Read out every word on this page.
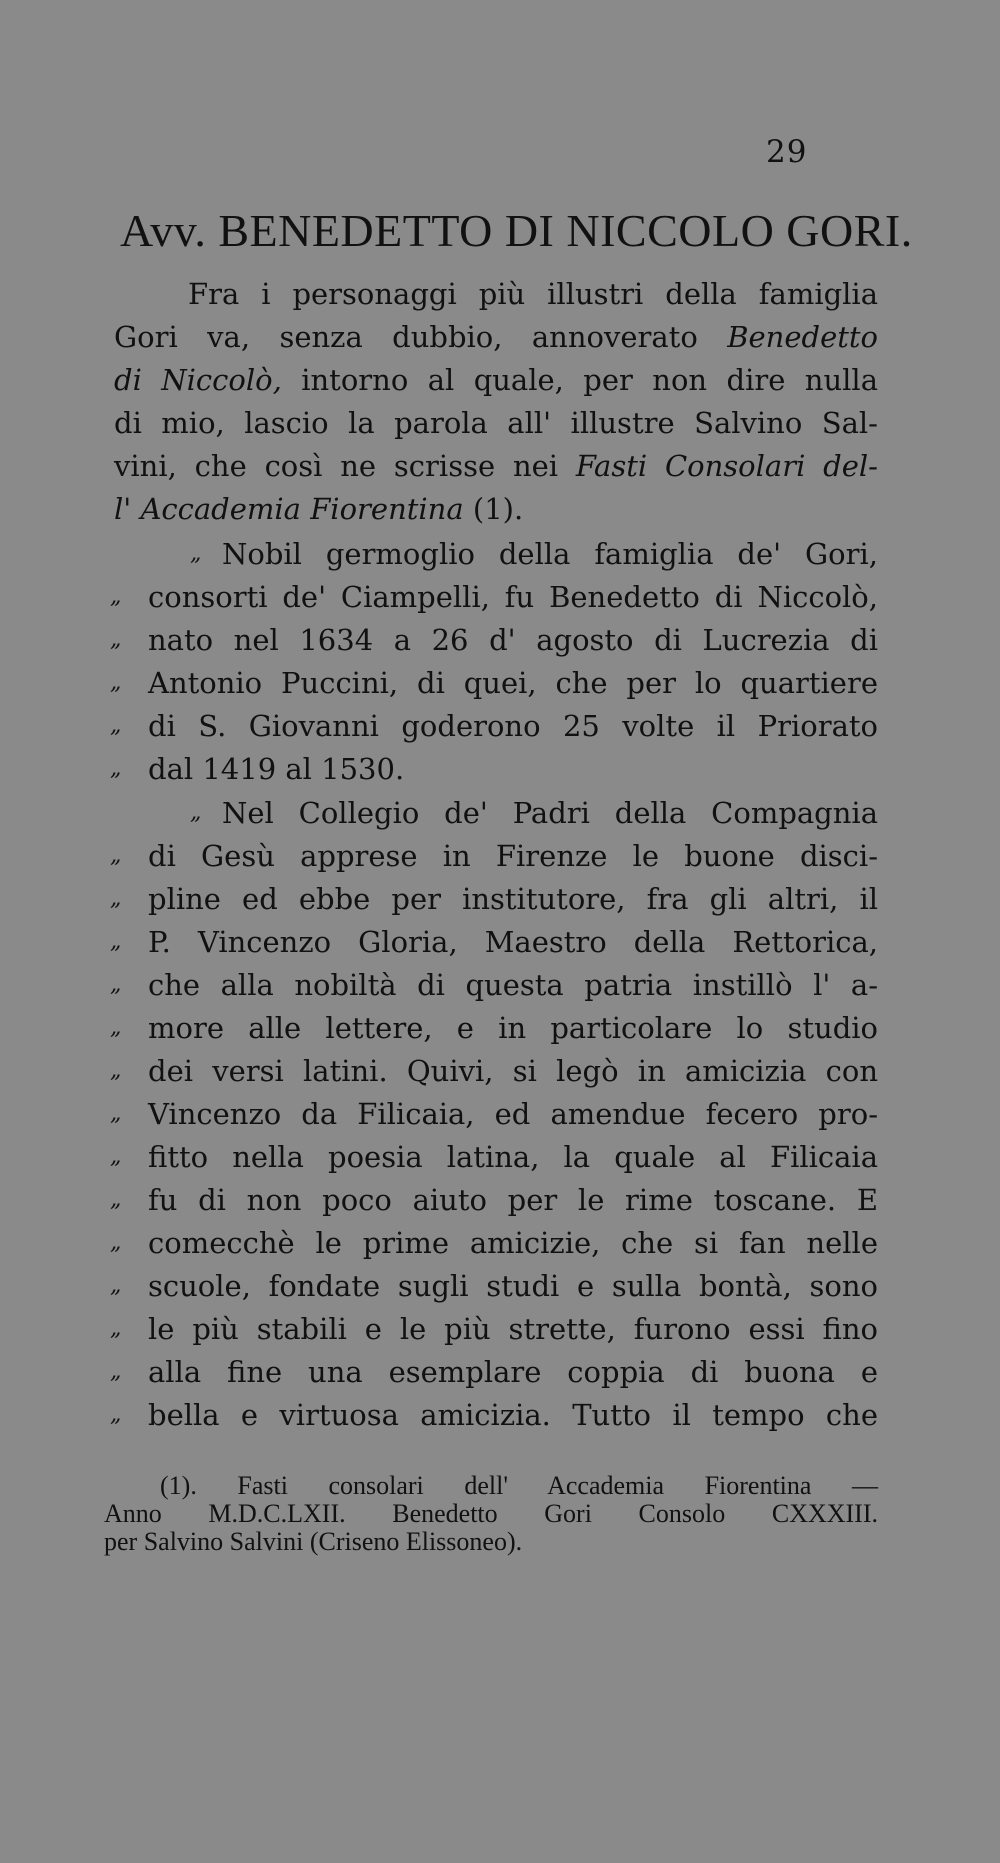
29
Avv. BENEDETTO DI NICCOLO GORI.
Fra i personaggi più illustri della famiglia
Gori va, senza dubbio, annoverato Benedetto
di Niccolò, intorno al quale, per non dire nulla
di mio, lascio la parola all' illustre Salvino Sal-
vini, che così ne scrisse nei Fasti Consolari del-
l' Accademia Fiorentina (1).
„ Nobil germoglio della famiglia de' Gori,
„ consorti de' Ciampelli, fu Benedetto di Niccolò,
„ nato nel 1634 a 26 d' agosto di Lucrezia di
„ Antonio Puccini, di quei, che per lo quartiere
„ di S. Giovanni goderono 25 volte il Priorato
„ dal 1419 al 1530.
„ Nel Collegio de' Padri della Compagnia
„ di Gesù apprese in Firenze le buone disci-
„ pline ed ebbe per institutore, fra gli altri, il
„ P. Vincenzo Gloria, Maestro della Rettorica,
„ che alla nobiltà di questa patria instillò l' a-
„ more alle lettere, e in particolare lo studio
„ dei versi latini. Quivi, si legò in amicizia con
„ Vincenzo da Filicaia, ed amendue fecero pro-
„ fitto nella poesia latina, la quale al Filicaia
„ fu di non poco aiuto per le rime toscane. E
„ comecchè le prime amicizie, che si fan nelle
„ scuole, fondate sugli studi e sulla bontà, sono
„ le più stabili e le più strette, furono essi fino
„ alla fine una esemplare coppia di buona e
„ bella e virtuosa amicizia. Tutto il tempo che
(1). Fasti consolari dell' Accademia Fiorentina —
Anno M.D.C.LXII. Benedetto Gori Consolo CXXXIII.
per Salvino Salvini (Criseno Elissoneo).
